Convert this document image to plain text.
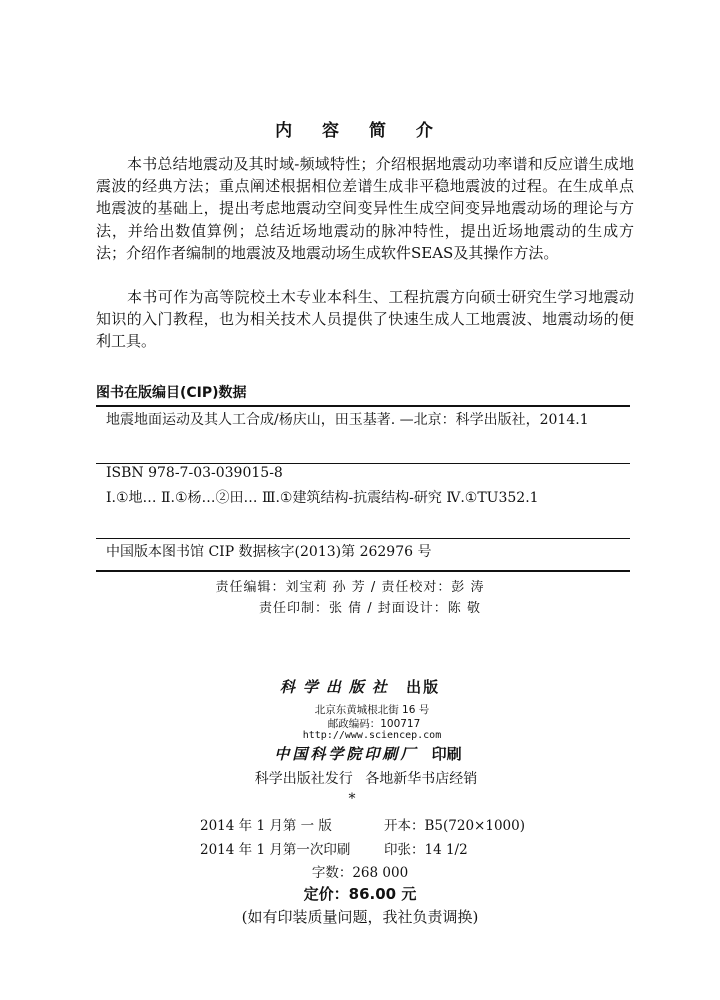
内 容 简 介

本书总结地震动及其时域-频域特性；介绍根据地震动功率谱和反应谱生成地震波的经典方法；重点阐述根据相位差谱生成非平稳地震波的过程。在生成单点地震波的基础上，提出考虑地震动空间变异性生成空间变异地震动场的理论与方法，并给出数值算例；总结近场地震动的脉冲特性，提出近场地震动的生成方法；介绍作者编制的地震波及地震动场生成软件SEAS及其操作方法。

本书可作为高等院校土木专业本科生、工程抗震方向硕士研究生学习地震动知识的入门教程，也为相关技术人员提供了快速生成人工地震波、地震动场的便利工具。

图书在版编目(CIP)数据
地震地面运动及其人工合成/杨庆山，田玉基著. —北京：科学出版社，2014.1
ISBN 978-7-03-039015-8
Ⅰ.①地… Ⅱ.①杨…②田… Ⅲ.①建筑结构-抗震结构-研究 Ⅳ.①TU352.1
中国版本图书馆 CIP 数据核字(2013)第 262976 号
责任编辑：刘宝莉 孙 芳 / 责任校对：彭 涛
责任印制：张 倩 / 封面设计：陈 敬
科学出版社 出版
北京东黄城根北街 16 号
邮政编码：100717
http://www.sciencep.com
中国科学院印刷厂 印刷
科学出版社发行 各地新华书店经销
*
2014 年 1 月第 一 版	开本：B5(720×1000)
2014 年 1 月第一次印刷 印张：14 1/2
字数：268 000
定价：86.00 元
(如有印装质量问题，我社负责调换)
